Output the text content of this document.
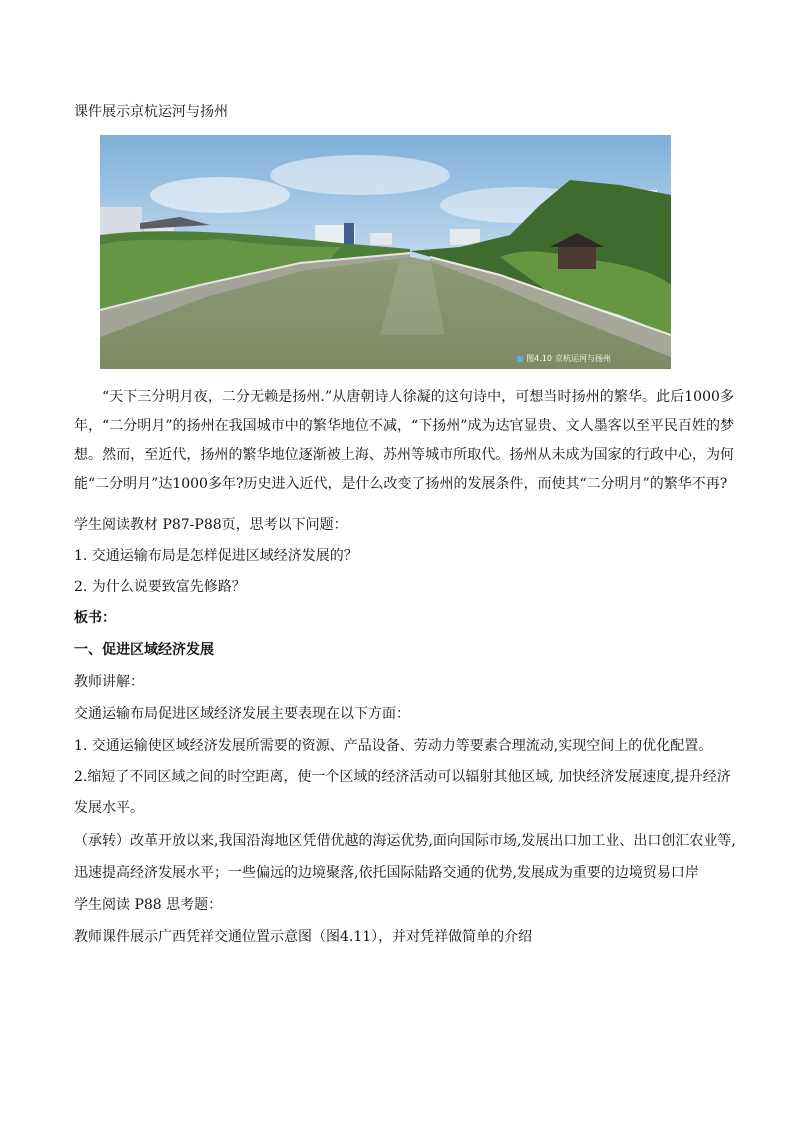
课件展示京杭运河与扬州
图4.10 京杭运河与扬州
“天下三分明月夜，二分无赖是扬州.”从唐朝诗人徐凝的这句诗中，可想当时扬州的繁华。此后1000多年，“二分明月”的扬州在我国城市中的繁华地位不减，“下扬州”成为达官显贵、文人墨客以至平民百姓的梦想。然而，至近代，扬州的繁华地位逐渐被上海、苏州等城市所取代。扬州从未成为国家的行政中心，为何能“二分明月”达1000多年?历史进入近代，是什么改变了扬州的发展条件，而使其“二分明月”的繁华不再?
学生阅读教材 P87-P88页，思考以下问题：
1. 交通运输布局是怎样促进区域经济发展的？
2. 为什么说要致富先修路？
板书：
一、促进区域经济发展
教师讲解：
交通运输布局促进区域经济发展主要表现在以下方面：
1. 交通运输使区域经济发展所需要的资源、产品设备、劳动力等要素合理流动,实现空间上的优化配置。
2.缩短了不同区域之间的时空距离，使一个区域的经济活动可以辐射其他区域, 加快经济发展速度,提升经济
发展水平。
（承转）改革开放以来,我国沿海地区凭借优越的海运优势,面向国际市场,发展出口加工业、出口创汇农业等,
迅速提高经济发展水平；一些偏远的边境聚落,依托国际陆路交通的优势,发展成为重要的边境贸易口岸
学生阅读 P88 思考题：
教师课件展示广西凭祥交通位置示意图（图4.11），并对凭祥做简单的介绍
